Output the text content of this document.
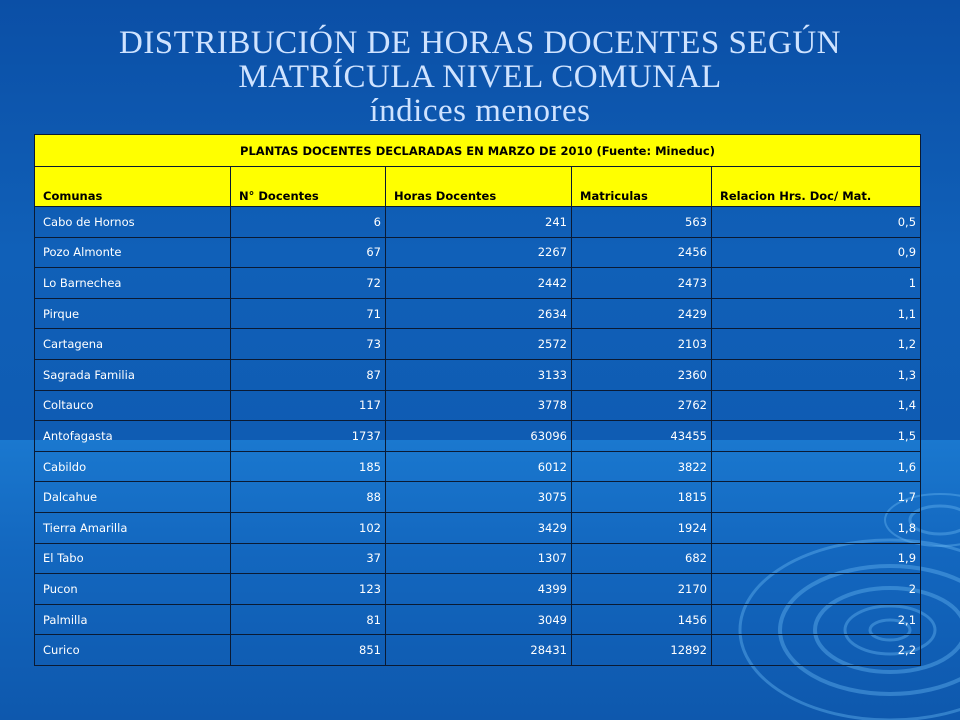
DISTRIBUCIÓN DE HORAS DOCENTES SEGÚN
MATRÍCULA NIVEL COMUNAL
índices menores
PLANTAS DOCENTES DECLARADAS EN MARZO DE 2010 (Fuente: Mineduc)				
Comunas	N° Docentes	Horas Docentes	Matriculas	Relacion Hrs. Doc/ Mat.
Cabo de Hornos	6	241	563	0,5
Pozo Almonte	67	2267	2456	0,9
Lo Barnechea	72	2442	2473	1
Pirque	71	2634	2429	1,1
Cartagena	73	2572	2103	1,2
Sagrada Familia	87	3133	2360	1,3
Coltauco	117	3778	2762	1,4
Antofagasta	1737	63096	43455	1,5
Cabildo	185	6012	3822	1,6
Dalcahue	88	3075	1815	1,7
Tierra Amarilla	102	3429	1924	1,8
El Tabo	37	1307	682	1,9
Pucon	123	4399	2170	2
Palmilla	81	3049	1456	2,1
Curico	851	28431	12892	2,2
